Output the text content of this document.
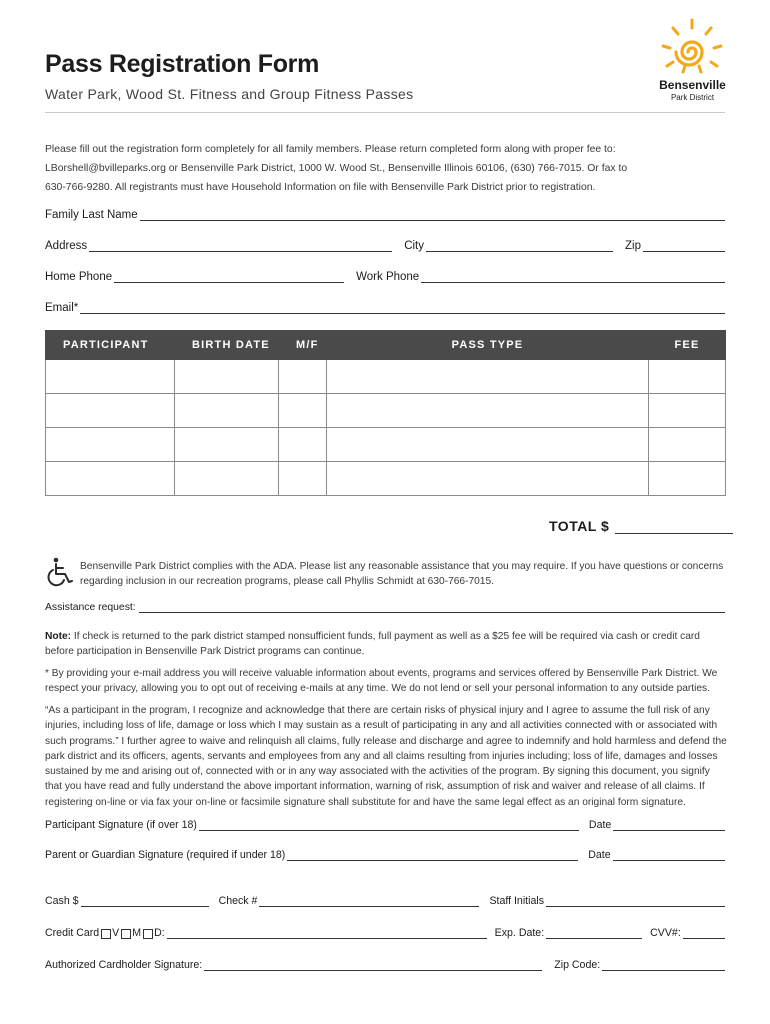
Pass Registration Form
Water Park, Wood St. Fitness and Group Fitness Passes
Bensenville
Park District

Please fill out the registration form completely for all family members. Please return completed form along with proper fee to:

LBorshell@bvilleparks.org or Bensenville Park District, 1000 W. Wood St., Bensenville Illinois 60106, (630) 766-7015. Or fax to

630-766-9280. All registrants must have Household Information on file with Bensenville Park District prior to registration.

Family Last Name
Address	City	Zip
Home Phone	Work Phone
Email*
PARTICIPANT	BIRTH DATE	M/F	PASS TYPE	FEE

TOTAL $

Bensenville Park District complies with the ADA. Please list any reasonable assistance that you may require. If you have questions or concerns

regarding inclusion in our recreation programs, please call Phyllis Schmidt at 630-766-7015.

Assistance request:

Note: If check is returned to the park district stamped nonsufficient funds, full payment as well as a $25 fee will be required via cash or credit card

before participation in Bensenville Park District programs can continue.

* By providing your e-mail address you will receive valuable information about events, programs and services offered by Bensenville Park District. We

respect your privacy, allowing you to opt out of receiving e-mails at any time. We do not lend or sell your personal information to any outside parties.

“As a participant in the program, I recognize and acknowledge that there are certain risks of physical injury and I agree to assume the full risk of any

injuries, including loss of life, damage or loss which I may sustain as a result of participating in any and all activities connected with or associated with

such programs.” I further agree to waive and relinquish all claims, fully release and discharge and agree to indemnify and hold harmless and defend the

park district and its officers, agents, servants and employees from any and all claims resulting from injuries including; loss of life, damages and losses

sustained by me and arising out of, connected with or in any way associated with the activities of the program. By signing this document, you signify

that you have read and fully understand the above important information, warning of risk, assumption of risk and waiver and release of all claims. If

registering on-line or via fax your on-line or facsimile signature shall substitute for and have the same legal effect as an original form signature.

Participant Signature (if over 18)	Date
Parent or Guardian Signature (required if under 18)	Date
Cash $	Check #	Staff Initials
Credit Card V M D:	Exp. Date:	CVV#:
Authorized Cardholder Signature:	Zip Code:
